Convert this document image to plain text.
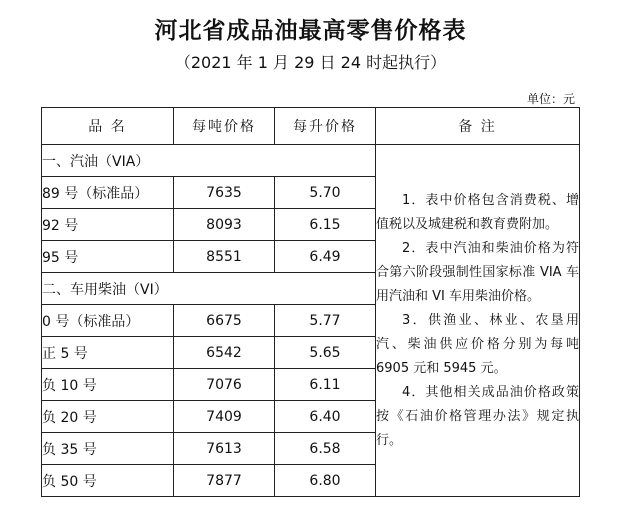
河北省成品油最高零售价格表
（2021 年 1 月 29 日 24 时起执行）
单位：元
品 名	每吨价格	每升价格	备 注
一、汽油（VIA）			1．表中价格包含消费税、增值税以及城建税和教育费附加。

2．表中汽油和柴油价格为符合第六阶段强制性国家标准 VIA 车用汽油和 VI 车用柴油价格。

3．供渔业、林业、农垦用汽、柴油供应价格分别为每吨 6905 元和 5945 元。

4．其他相关成品油价格政策按《石油价格管理办法》规定执行。

89 号（标准品）	7635	5.70	
92 号	8093	6.15	
95 号	8551	6.49	
二、车用柴油（VI）			
0 号（标准品）	6675	5.77	
正 5 号	6542	5.65	
负 10 号	7076	6.11	
负 20 号	7409	6.40	
负 35 号	7613	6.58	
负 50 号	7877	6.80	
